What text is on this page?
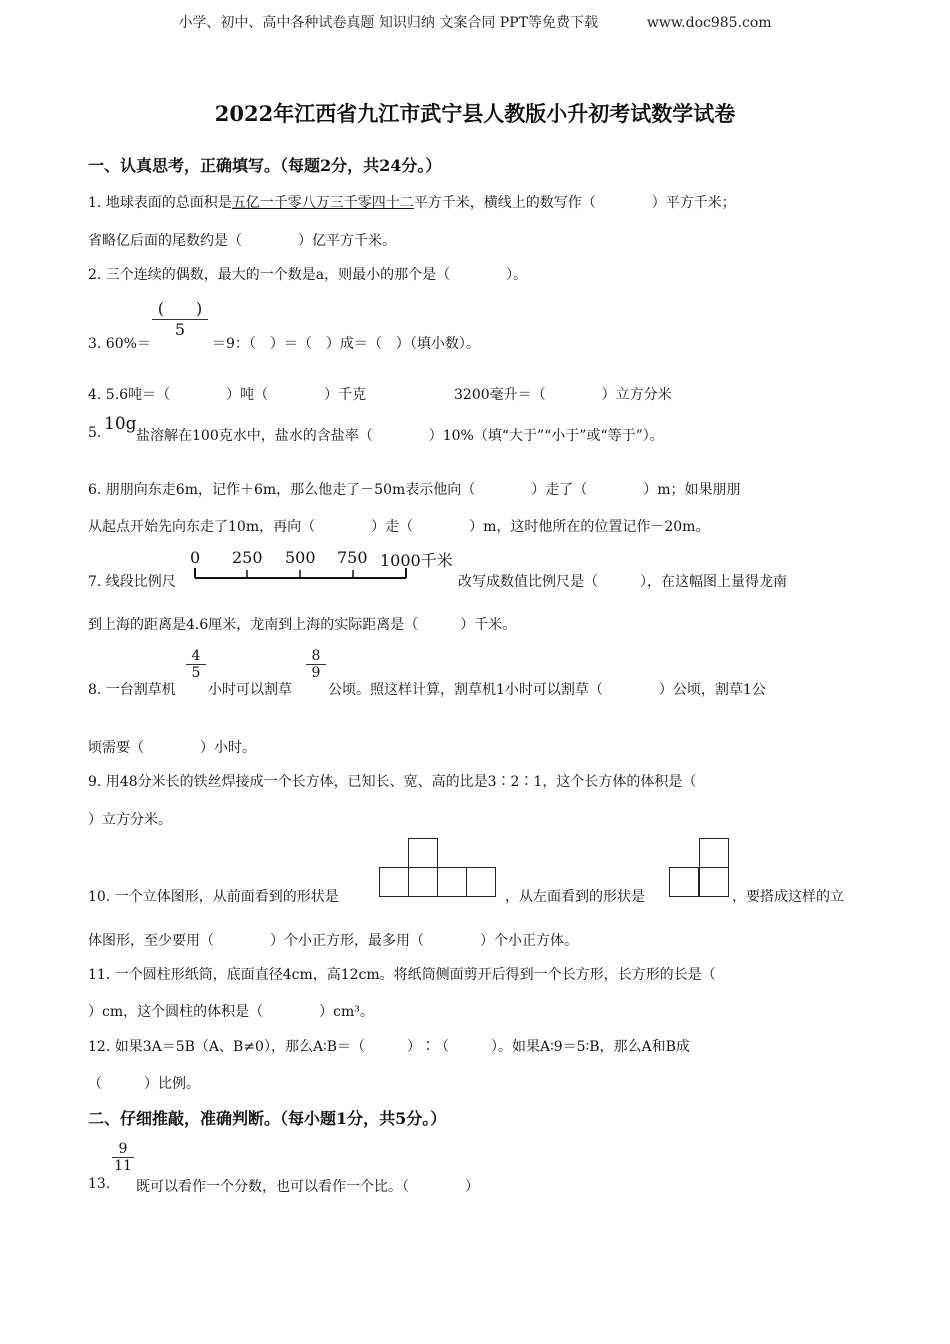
小学、初中、高中各种试卷真题 知识归纳 文案合同 PPT等免费下载	www.doc985.com
2022年江西省九江市武宁县人教版小升初考试数学试卷
一、认真思考，正确填写。（每题2分，共24分。）
1. 地球表面的总面积是五亿一千零八万三千零四十二平方千米，横线上的数写作（　　　　）平方千米；
省略亿后面的尾数约是（　　　　）亿平方千米。
2. 三个连续的偶数，最大的一个数是a，则最小的那个是（　　　　）。
3. 60%＝
(　　)
5
＝9：（　）＝（　）成＝（　）（填小数）。
4. 5.6吨＝（　　　　）吨（　　　　）千克	3200毫升＝（　　　　）立方分米
5. 10g
盐溶解在100克水中，盐水的含盐率（　　　　）10%（填“大于”“小于”或“等于”）。
6. 朋朋向东走6m，记作＋6m，那么他走了－50m表示他向（　　　　）走了（　　　　）m；如果朋朋
从起点开始先向东走了10m，再向（　　　　）走（　　　　）m，这时他所在的位置记作－20m。
7. 线段比例尺
0 250 500 750 1000千米
改写成数值比例尺是（　　　），在这幅图上量得龙南
到上海的距离是4.6厘米，龙南到上海的实际距离是（　　　）千米。
8. 一台割草机
4
5
小时可以割草
8
9
公顷。照这样计算，割草机1小时可以割草（　　　　）公顷，割草1公
顷需要（　　　　）小时。
9. 用48分米长的铁丝焊接成一个长方体，已知长、宽、高的比是3∶2∶1，这个长方体的体积是（
）立方分米。
10. 一个立体图形，从前面看到的形状是	，从左面看到的形状是	，要搭成这样的立
体图形，至少要用（　　　　）个小正方形，最多用（　　　　）个小正方体。
11. 一个圆柱形纸筒，底面直径4cm，高12cm。将纸筒侧面剪开后得到一个长方形，长方形的长是（
）cm，这个圆柱的体积是（　　　　）cm³。
12. 如果3A＝5B（A、B≠0），那么A∶B＝（　　　）∶（　　　）。如果A∶9＝5∶B，那么A和B成
（　　　）比例。
二、仔细推敲，准确判断。（每小题1分，共5分。）
13.
9
11
既可以看作一个分数，也可以看作一个比。（　　　　）
